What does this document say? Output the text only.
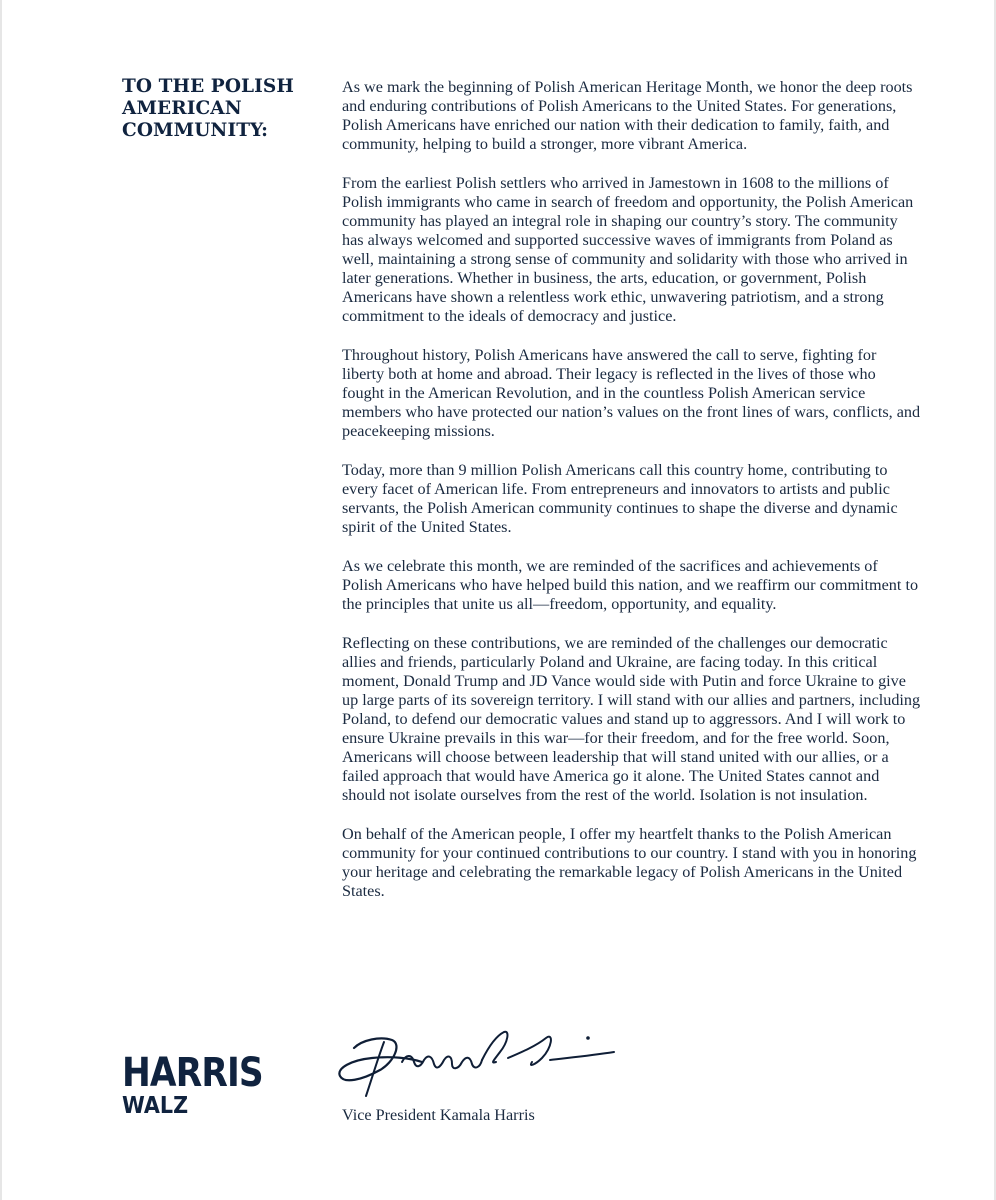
TO THE POLISH AMERICAN COMMUNITY:

As we mark the beginning of Polish American Heritage Month, we honor the deep roots and enduring contributions of Polish Americans to the United States. For generations, Polish Americans have enriched our nation with their dedication to family, faith, and community, helping to build a stronger, more vibrant America.

From the earliest Polish settlers who arrived in Jamestown in 1608 to the millions of Polish immigrants who came in search of freedom and opportunity, the Polish American community has played an integral role in shaping our country’s story. The community has always welcomed and supported successive waves of immigrants from Poland as well, maintaining a strong sense of community and solidarity with those who arrived in later generations. Whether in business, the arts, education, or government, Polish Americans have shown a relentless work ethic, unwavering patriotism, and a strong commitment to the ideals of democracy and justice.

Throughout history, Polish Americans have answered the call to serve, fighting for liberty both at home and abroad. Their legacy is reflected in the lives of those who fought in the American Revolution, and in the countless Polish American service members who have protected our nation’s values on the front lines of wars, conflicts, and peacekeeping missions.

Today, more than 9 million Polish Americans call this country home, contributing to every facet of American life. From entrepreneurs and innovators to artists and public servants, the Polish American community continues to shape the diverse and dynamic spirit of the United States.

As we celebrate this month, we are reminded of the sacrifices and achievements of Polish Americans who have helped build this nation, and we reaffirm our commitment to the principles that unite us all—freedom, opportunity, and equality.

Reflecting on these contributions, we are reminded of the challenges our democratic allies and friends, particularly Poland and Ukraine, are facing today. In this critical moment, Donald Trump and JD Vance would side with Putin and force Ukraine to give up large parts of its sovereign territory. I will stand with our allies and partners, including Poland, to defend our democratic values and stand up to aggressors. And I will work to ensure Ukraine prevails in this war—for their freedom, and for the free world. Soon, Americans will choose between leadership that will stand united with our allies, or a failed approach that would have America go it alone. The United States cannot and should not isolate ourselves from the rest of the world. Isolation is not insulation.

On behalf of the American people, I offer my heartfelt thanks to the Polish American community for your continued contributions to our country. I stand with you in honoring your heritage and celebrating the remarkable legacy of Polish Americans in the United States.

Kamala Harris
Vice President Kamala Harris
HARRIS
WALZ
